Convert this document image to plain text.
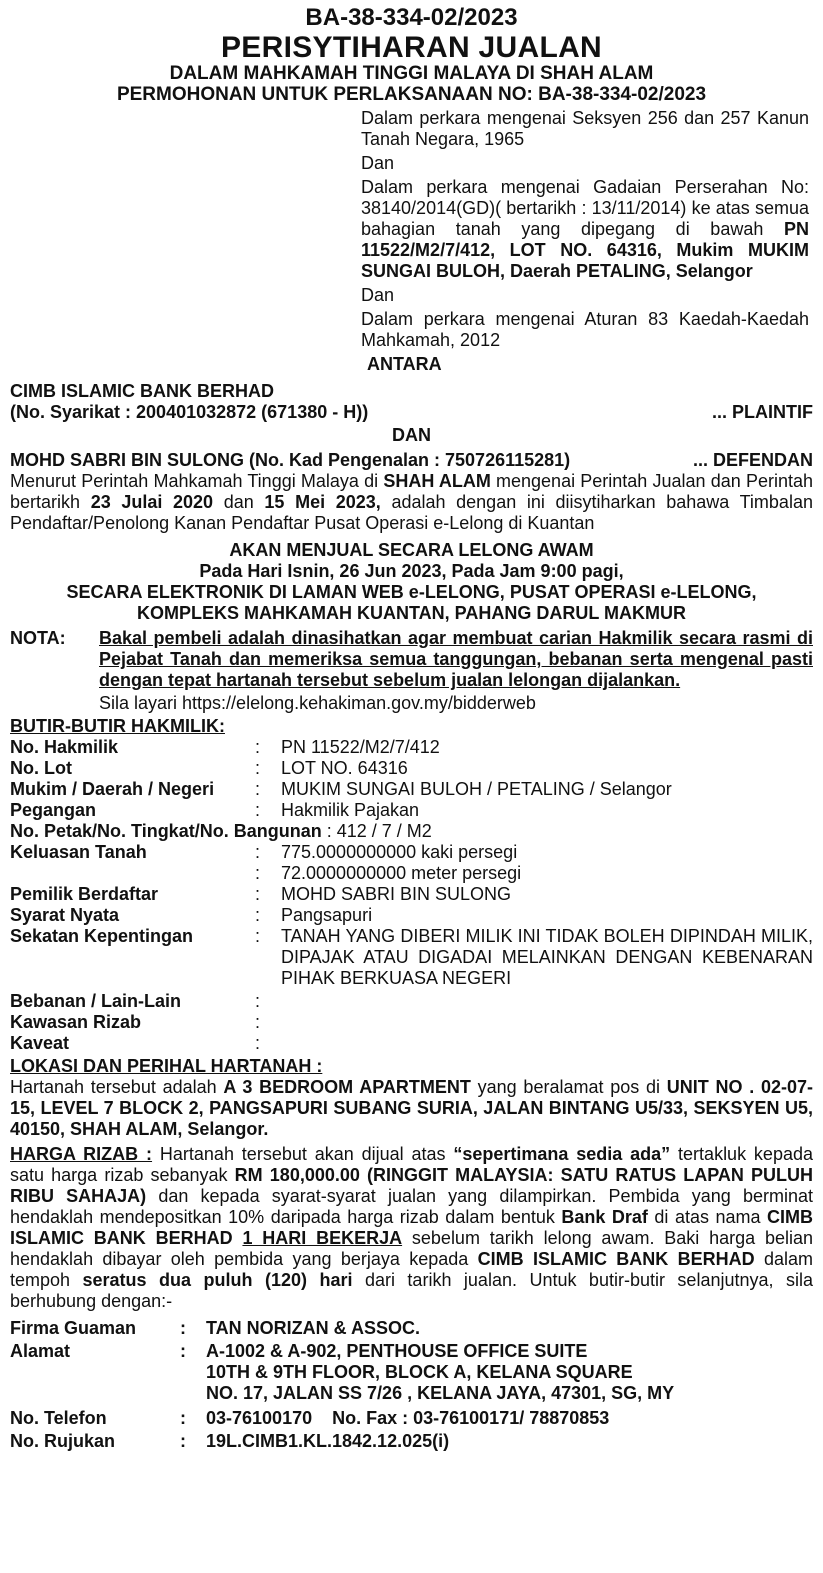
BA-38-334-02/2023
PERISYTIHARAN JUALAN
DALAM MAHKAMAH TINGGI MALAYA DI SHAH ALAM
PERMOHONAN UNTUK PERLAKSANAAN NO: BA-38-334-02/2023
Dalam perkara mengenai Seksyen 256 dan 257 Kanun Tanah Negara, 1965
Dan
Dalam perkara mengenai Gadaian Perserahan No: 38140/2014(GD)( bertarikh : 13/11/2014) ke atas semua bahagian tanah yang dipegang di bawah PN 11522/M2/7/412, LOT NO. 64316, Mukim MUKIM SUNGAI BULOH, Daerah PETALING, Selangor
Dan
Dalam perkara mengenai Aturan 83 Kaedah-Kaedah Mahkamah, 2012
ANTARA
CIMB ISLAMIC BANK BERHAD
(No. Syarikat : 200401032872 (671380 - H))	... PLAINTIF
DAN
MOHD SABRI BIN SULONG (No. Kad Pengenalan : 750726115281)	... DEFENDAN
Menurut Perintah Mahkamah Tinggi Malaya di SHAH ALAM mengenai Perintah Jualan dan Perintah bertarikh 23 Julai 2020 dan 15 Mei 2023, adalah dengan ini diisytiharkan bahawa Timbalan Pendaftar/Penolong Kanan Pendaftar Pusat Operasi e-Lelong di Kuantan
AKAN MENJUAL SECARA LELONG AWAM
Pada Hari Isnin, 26 Jun 2023, Pada Jam 9:00 pagi,
SECARA ELEKTRONIK DI LAMAN WEB e-LELONG, PUSAT OPERASI e-LELONG,
KOMPLEKS MAHKAMAH KUANTAN, PAHANG DARUL MAKMUR
NOTA:	Bakal pembeli adalah dinasihatkan agar membuat carian Hakmilik secara rasmi di Pejabat Tanah dan memeriksa semua tanggungan, bebanan serta mengenal pasti dengan tepat hartanah tersebut sebelum jualan lelongan dijalankan.
Sila layari https://elelong.kehakiman.gov.my/bidderweb
BUTIR-BUTIR HAKMILIK:
No. Hakmilik	:	PN 11522/M2/7/412
No. Lot	:	LOT NO. 64316
Mukim / Daerah / Negeri	:	MUKIM SUNGAI BULOH / PETALING / Selangor
Pegangan	:	Hakmilik Pajakan
No. Petak/No. Tingkat/No. Bangunan : 412 / 7 / M2
Keluasan Tanah	:	775.0000000000 kaki persegi
:	72.0000000000 meter persegi
Pemilik Berdaftar	:	MOHD SABRI BIN SULONG
Syarat Nyata	:	Pangsapuri
Sekatan Kepentingan	:	TANAH YANG DIBERI MILIK INI TIDAK BOLEH DIPINDAH MILIK, DIPAJAK ATAU DIGADAI MELAINKAN DENGAN KEBENARAN PIHAK BERKUASA NEGERI
Bebanan / Lain-Lain	:
Kawasan Rizab	:
Kaveat	:
LOKASI DAN PERIHAL HARTANAH :
Hartanah tersebut adalah A 3 BEDROOM APARTMENT yang beralamat pos di UNIT NO . 02-07-15, LEVEL 7 BLOCK 2, PANGSAPURI SUBANG SURIA, JALAN BINTANG U5/33, SEKSYEN U5, 40150, SHAH ALAM, Selangor.
HARGA RIZAB : Hartanah tersebut akan dijual atas “sepertimana sedia ada” tertakluk kepada satu harga rizab sebanyak RM 180,000.00 (RINGGIT MALAYSIA: SATU RATUS LAPAN PULUH RIBU SAHAJA) dan kepada syarat-syarat jualan yang dilampirkan. Pembida yang berminat hendaklah mendepositkan 10% daripada harga rizab dalam bentuk Bank Draf di atas nama CIMB ISLAMIC BANK BERHAD 1 HARI BEKERJA sebelum tarikh lelong awam. Baki harga belian hendaklah dibayar oleh pembida yang berjaya kepada CIMB ISLAMIC BANK BERHAD dalam tempoh seratus dua puluh (120) hari dari tarikh jualan. Untuk butir-butir selanjutnya, sila berhubung dengan:-
Firma Guaman	:	TAN NORIZAN & ASSOC.
Alamat	:	A-1002 & A-902, PENTHOUSE OFFICE SUITE
10TH & 9TH FLOOR, BLOCK A, KELANA SQUARE
NO. 17, JALAN SS 7/26 , KELANA JAYA, 47301, SG, MY
No. Telefon	:	03-76100170    No. Fax : 03-76100171/ 78870853
No. Rujukan	:	19L.CIMB1.KL.1842.12.025(i)
